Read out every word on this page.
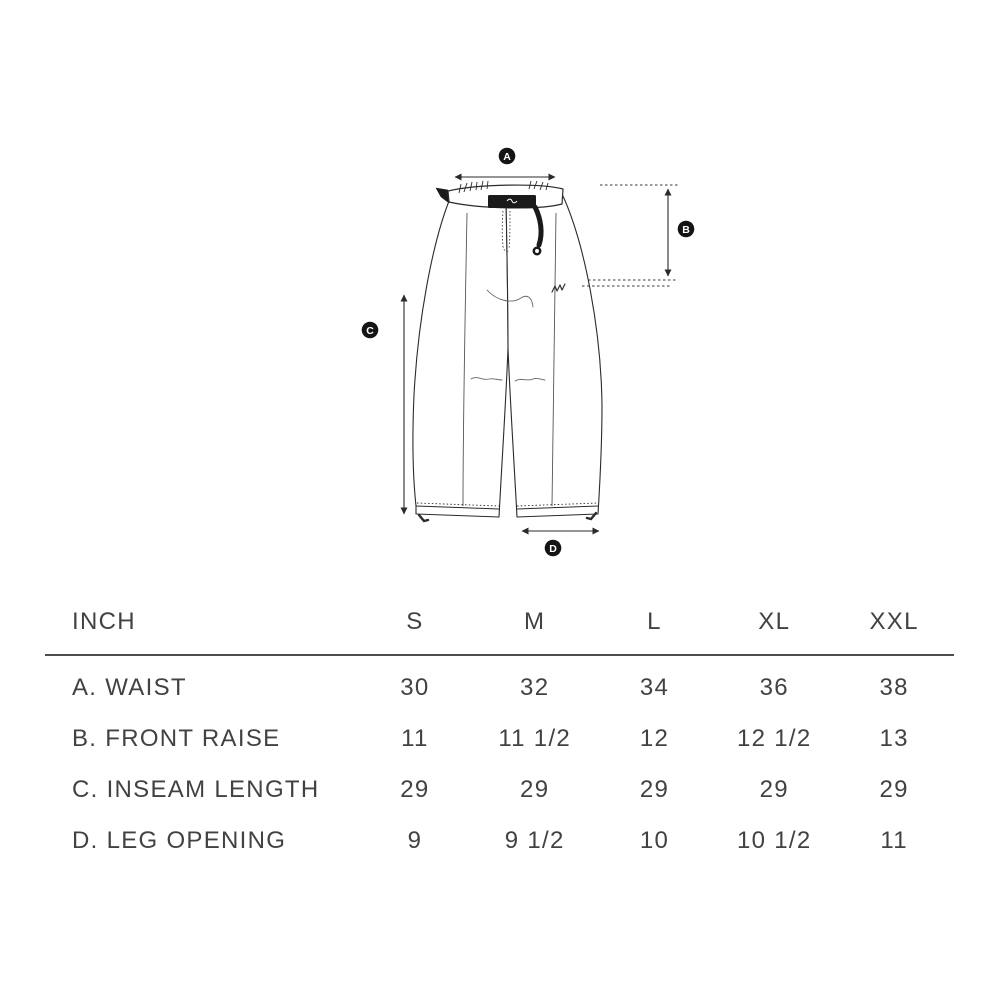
A
B
C
D
INCH	S	M	L	XL	XXL
A. WAIST	30	32	34	36	38
B. FRONT RAISE	11	11 1/2	12	12 1/2	13
C. INSEAM LENGTH	29	29	29	29	29
D. LEG OPENING	9	9 1/2	10	10 1/2	11
